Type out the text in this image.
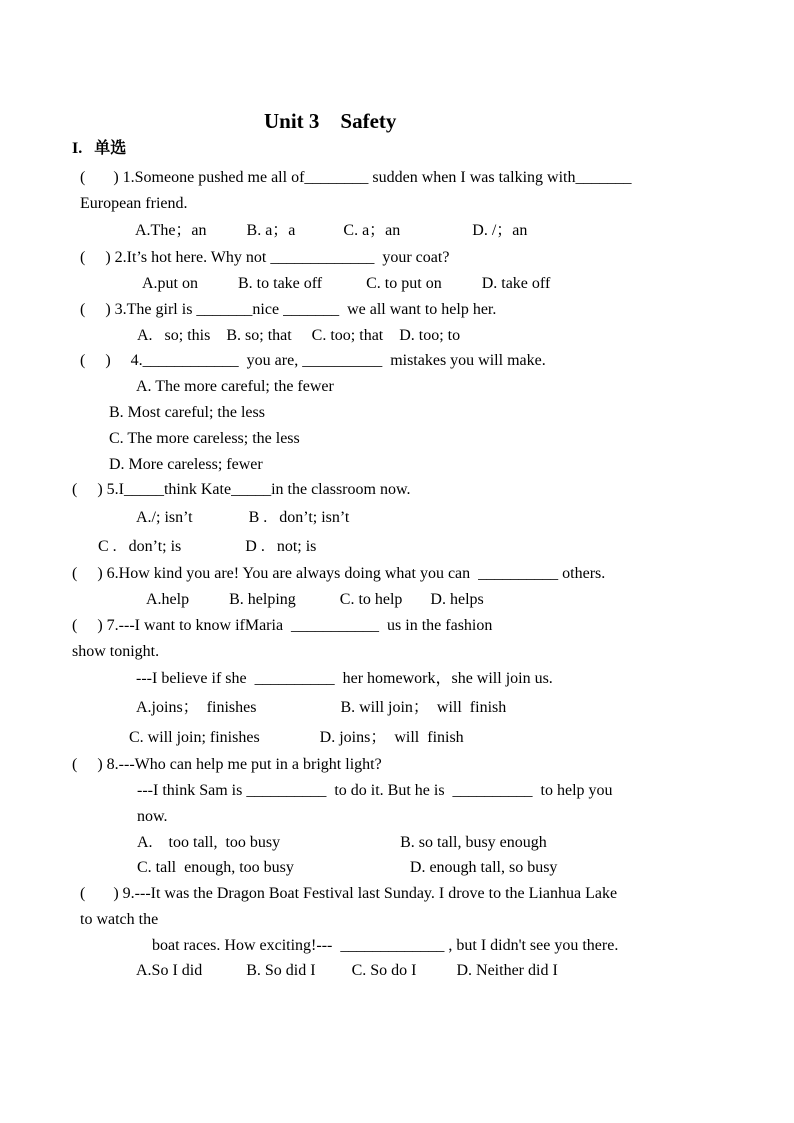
Unit 3    Safety
I.   单选
(       ) 1.Someone pushed me all of________ sudden when I was talking with_______
European friend.
A.The；an          B. a；a            C. a；an                  D. /；an
(     ) 2.It’s hot here. Why not _____________  your coat?
A.put on          B. to take off           C. to put on          D. take off
(     ) 3.The girl is _______nice _______  we all want to help her.
A.   so; this    B. so; that     C. too; that    D. too; to
(     )     4.____________  you are, __________  mistakes you will make.
A. The more careful; the fewer
B. Most careful; the less
C. The more careless; the less
D. More careless; fewer
(     ) 5.I_____think Kate_____in the classroom now.
A./; isn’t              B .   don’t; isn’t
C .   don’t; is                D .   not; is
(     ) 6.How kind you are! You are always doing what you can  __________ others.
A.help          B. helping           C. to help       D. helps
(     ) 7.---I want to know ifMaria  ___________  us in the fashion
show tonight.
---I believe if she  __________  her homework，she will join us.
A.joins；  finishes                     B. will join；  will  finish
C. will join; finishes               D. joins；  will  finish
(     ) 8.---Who can help me put in a bright light?
---I think Sam is __________  to do it. But he is  __________  to help you
now.
A.    too tall,  too busy                              B. so tall, busy enough
C. tall  enough, too busy                             D. enough tall, so busy
(       ) 9.---It was the Dragon Boat Festival last Sunday. I drove to the Lianhua Lake
to watch the
boat races. How exciting!---  _____________ , but I didn't see you there.
A.So I did           B. So did I         C. So do I          D. Neither did I
